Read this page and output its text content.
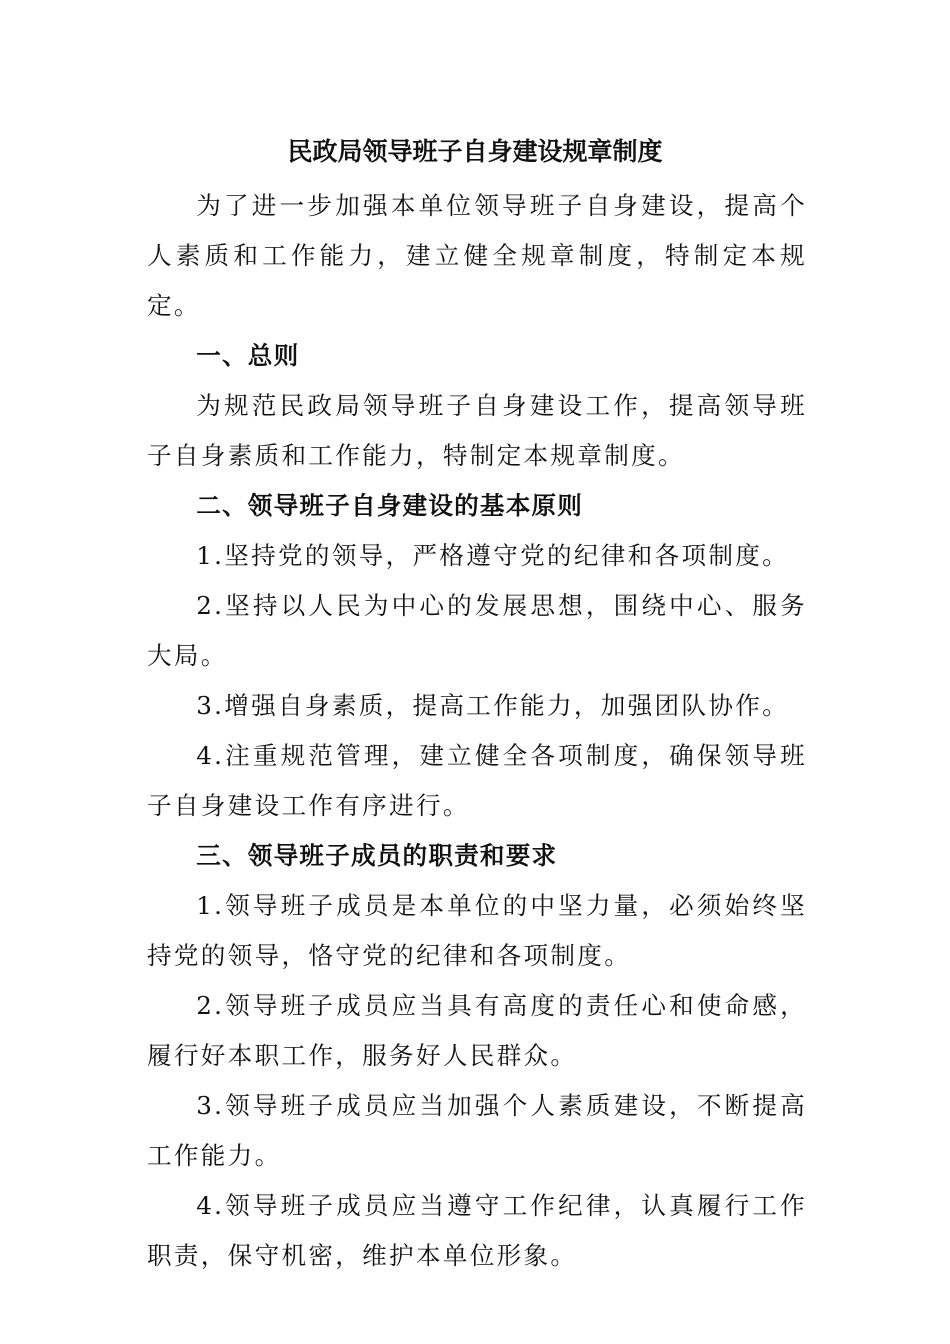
民政局领导班子自身建设规章制度

为了进一步加强本单位领导班子自身建设，提高个人素质和工作能力，建立健全规章制度，特制定本规定。

一、总则

为规范民政局领导班子自身建设工作，提高领导班子自身素质和工作能力，特制定本规章制度。

二、领导班子自身建设的基本原则

1.坚持党的领导，严格遵守党的纪律和各项制度。

2.坚持以人民为中心的发展思想，围绕中心、服务大局。

3.增强自身素质，提高工作能力，加强团队协作。

4.注重规范管理，建立健全各项制度，确保领导班子自身建设工作有序进行。

三、领导班子成员的职责和要求

1.领导班子成员是本单位的中坚力量，必须始终坚持党的领导，恪守党的纪律和各项制度。

2.领导班子成员应当具有高度的责任心和使命感，履行好本职工作，服务好人民群众。

3.领导班子成员应当加强个人素质建设，不断提高工作能力。

4.领导班子成员应当遵守工作纪律，认真履行工作职责，保守机密，维护本单位形象。
